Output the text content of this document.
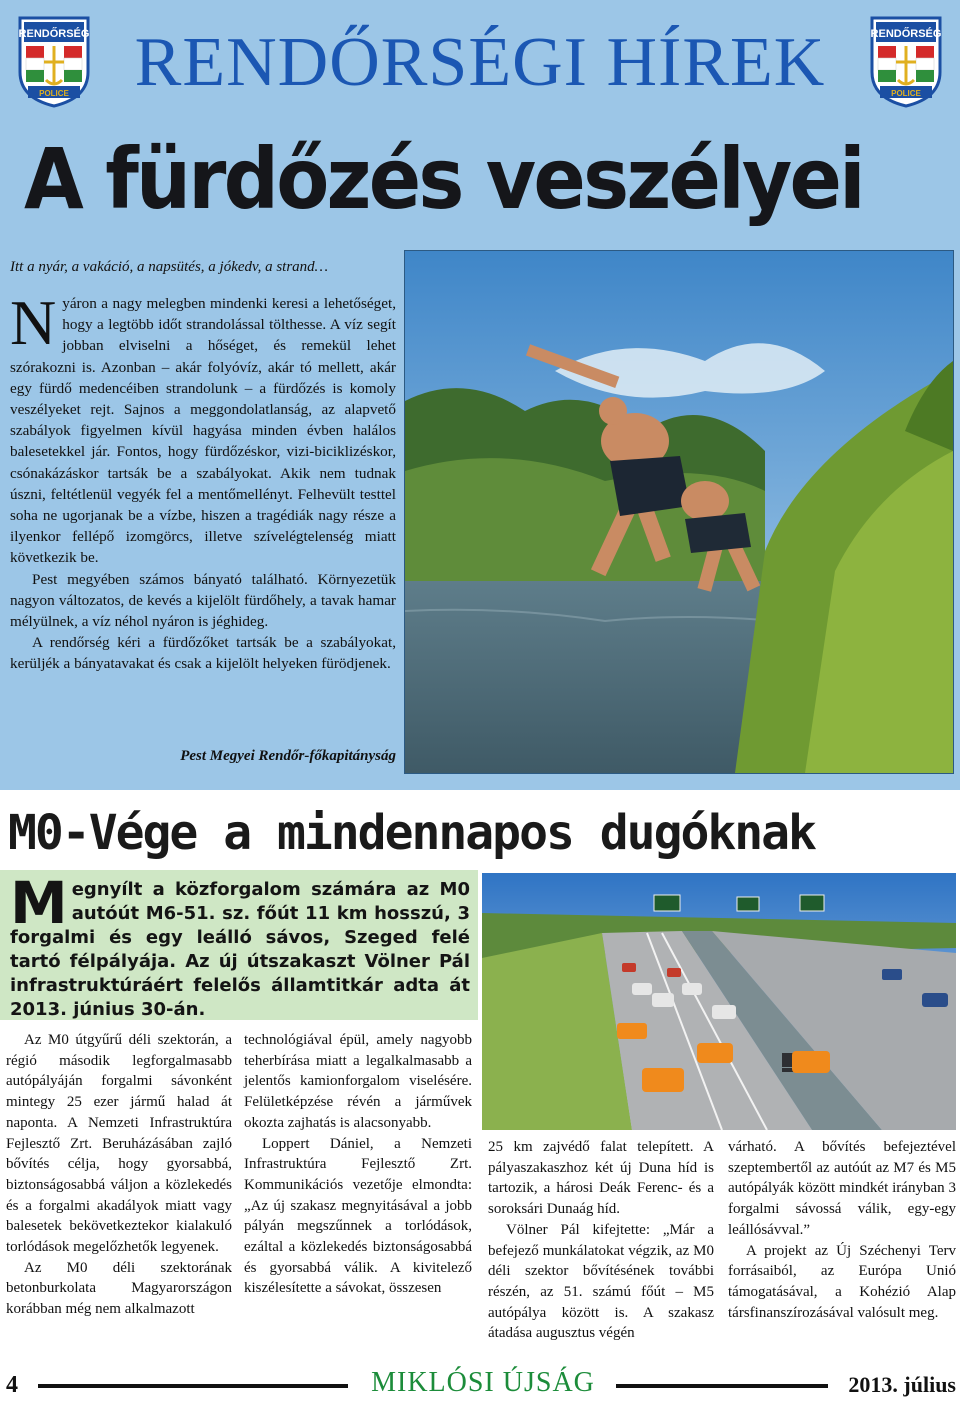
RENDŐRSÉG
POLICE RENDŐRSÉGI HÍREK	RENDŐRSÉG
POLICE
A fürdőzés veszélyei
Itt a nyár, a vakáció, a napsütés, a jókedv, a strand…

Nyáron a nagy melegben mindenki keresi a lehetőséget, hogy a legtöbb időt strandolással tölthesse. A víz segít jobban elviselni a hőséget, és remekül lehet szórakozni is. Azonban – akár folyóvíz, akár tó mellett, akár egy fürdő medencéiben strandolunk – a fürdőzés is komoly veszélyeket rejt. Sajnos a meggondolatlanság, az alapvető szabályok figyelmen kívül hagyása minden évben halálos balesetekkel jár. Fontos, hogy fürdőzéskor, vizi-biciklizéskor, csónakázáskor tartsák be a szabályokat. Akik nem tudnak úszni, feltétlenül vegyék fel a mentőmellényt. Felhevült testtel soha ne ugorjanak be a vízbe, hiszen a tragédiák nagy része a ilyenkor fellépő izomgörcs, illetve szívelégtelenség miatt következik be.

Pest megyében számos bányató található. Környezetük nagyon változatos, de kevés a kijelölt fürdőhely, a tavak hamar mélyülnek, a víz néhol nyáron is jéghideg.

A rendőrség kéri a fürdőzőket tartsák be a szabályokat, kerüljék a bányatavakat és csak a kijelölt helyeken fürödjenek.

Pest Megyei Rendőr-főkapitányság
M0-Vége a mindennapos dugóknak
Megnyílt a közforgalom számára az M0 autóút M6-51. sz. főút 11 km hosszú, 3 forgalmi és egy leálló sávos, Szeged felé tartó félpályája. Az új útszakaszt Völner Pál infrastruktúráért felelős államtitkár adta át 2013. június 30-án.

Az M0 útgyűrű déli szektorán, a régió második legforgalmasabb autópályáján forgalmi sávonként mintegy 25 ezer jármű halad át naponta. A Nemzeti Infrastruktúra Fejlesztő Zrt. Beruházásában zajló bővítés célja, hogy gyorsabbá, biztonságosabbá váljon a közlekedés és a forgalmi akadályok miatt vagy balesetek bekövetkeztekor kialakuló torlódások megelőzhetők legyenek.

Az M0 déli szektorának betonburkolata Magyarországon korábban még nem alkalmazott

technológiával épül, amely nagyobb teherbírása miatt a legalkalmasabb a jelentős kamionforgalom viselésére. Felületképzése révén a járművek okozta zajhatás is alacsonyabb.

Loppert Dániel, a Nemzeti Infrastruktúra Fejlesztő Zrt. Kommunikációs vezetője elmondta: „Az új szakasz megnyitásával a jobb pályán megszűnnek a torlódások, ezáltal a közlekedés biztonságosabbá és gyorsabbá válik. A kivitelező kiszélesítette a sávokat, összesen

25 km zajvédő falat telepített. A pályaszakaszhoz két új Duna híd is tartozik, a hárosi Deák Ferenc- és a soroksári Dunaág híd.

Völner Pál kifejtette: „Már a befejező munkálatokat végzik, az M0 déli szektor bővítésének további részén, az 51. számú főút – M5 autópálya között is. A szakasz átadása augusztus végén

várható. A bővítés befejeztével szeptembertől az autóút az M7 és M5 autópályák között mindkét irányban 3 forgalmi sávossá válik, egy-egy leállósávval.”

A projekt az Új Széchenyi Terv forrásaiból, az Európa Unió támogatásával, a Kohézió Alap társfinanszírozásával valósult meg.

4	MIKLÓSI ÚJSÁG	2013. július
